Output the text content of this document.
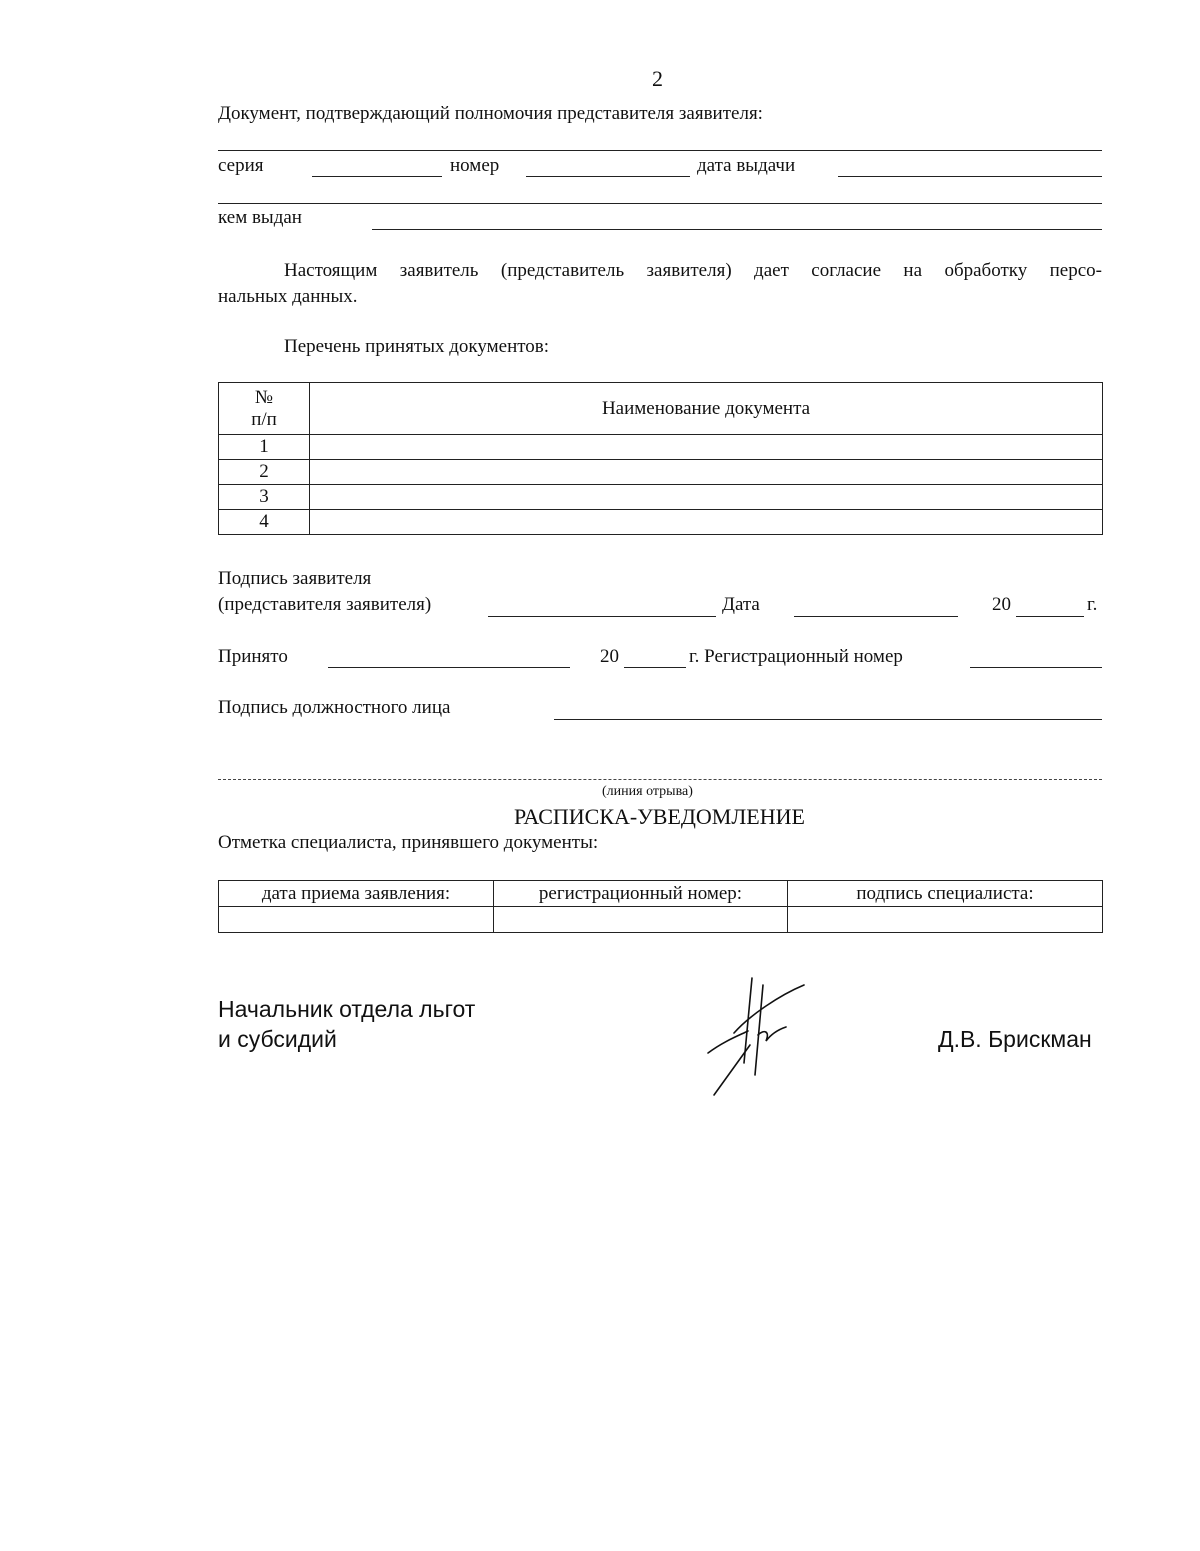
2
Документ, подтверждающий полномочия представителя заявителя:
серия	номер	дата выдачи
кем выдан
Настоящим заявитель (представитель заявителя) дает согласие на обработку персо-
нальных данных.
Перечень принятых документов:
№
п/п	Наименование документа
1	
2	
3	
4	
Подпись заявителя
(представителя заявителя)	Дата	20	г.
Принято	20	г. Регистрационный номер
Подпись должностного лица
(линия отрыва)
РАСПИСКА-УВЕДОМЛЕНИЕ
Отметка специалиста, принявшего документы:
дата приема заявления:	регистрационный номер:	подпись специалиста:

Начальник отдела льгот
и субсидий	Д.В. Брискман
